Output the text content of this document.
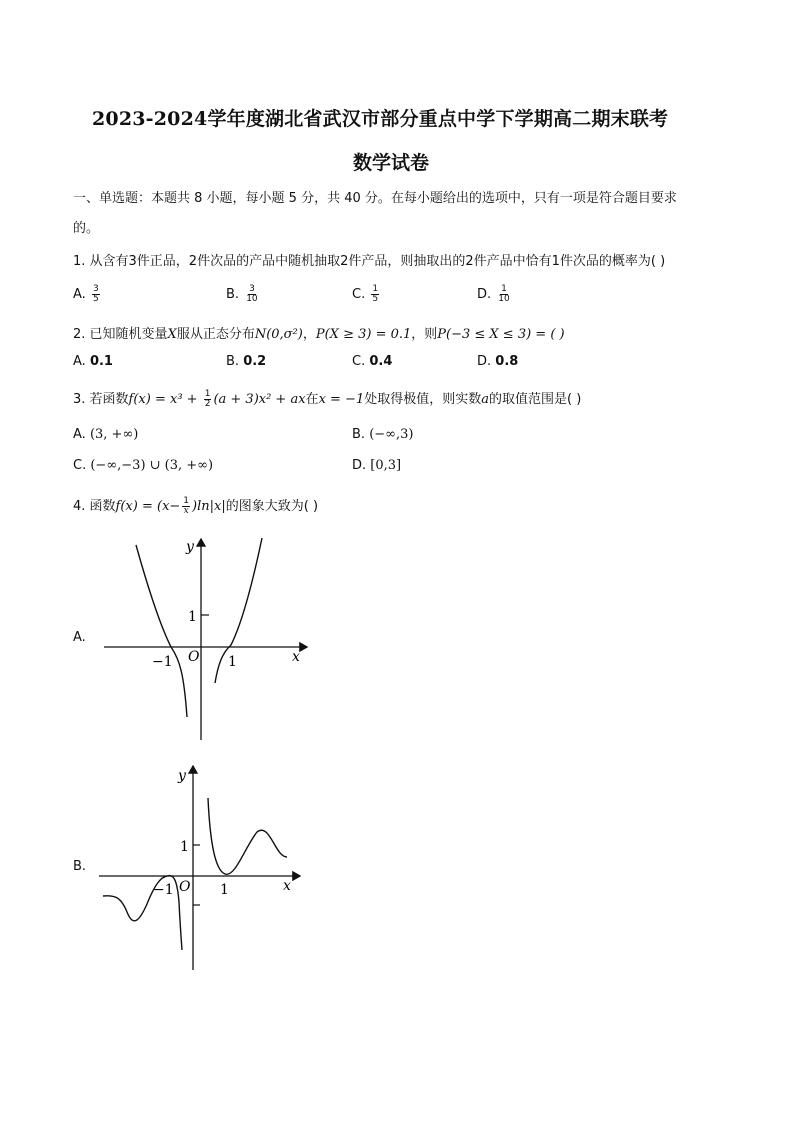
2023-2024学年度湖北省武汉市部分重点中学下学期高二期末联考
数学试卷
一、单选题：本题共 8 小题，每小题 5 分，共 40 分。在每小题给出的选项中，只有一项是符合题目要求
的。
1. 从含有3件正品，2件次品的产品中随机抽取2件产品，则抽取出的2件产品中恰有1件次品的概率为( )
A. $\frac{3}{5}$	B. $\frac{3}{10}$	C. $\frac{1}{5}$	D. $\frac{1}{10}$
2. 已知随机变量X服从正态分布N(0,σ²)，P(X ≥ 3) = 0.1，则P(−3 ≤ X ≤ 3) = ( )
A. 0.1	B. 0.2	C. 0.4	D. 0.8
3. 若函数$f(x) = x^3 + \frac{1}{2} (a + 3)x^2$ + ax在x = −1处取得极值，则实数a的取值范围是( )
A. (3, +∞)	B. (−∞,3)
C. (−∞,−3) ∪ (3, +∞)	D. [0,3]
4. 函数$f(x) = (x- \frac{1}{x} )\ln|x|$的图象大致为( )
A.
y
x
O
1
1
−1
B.
y
x
O
1
1
−1
